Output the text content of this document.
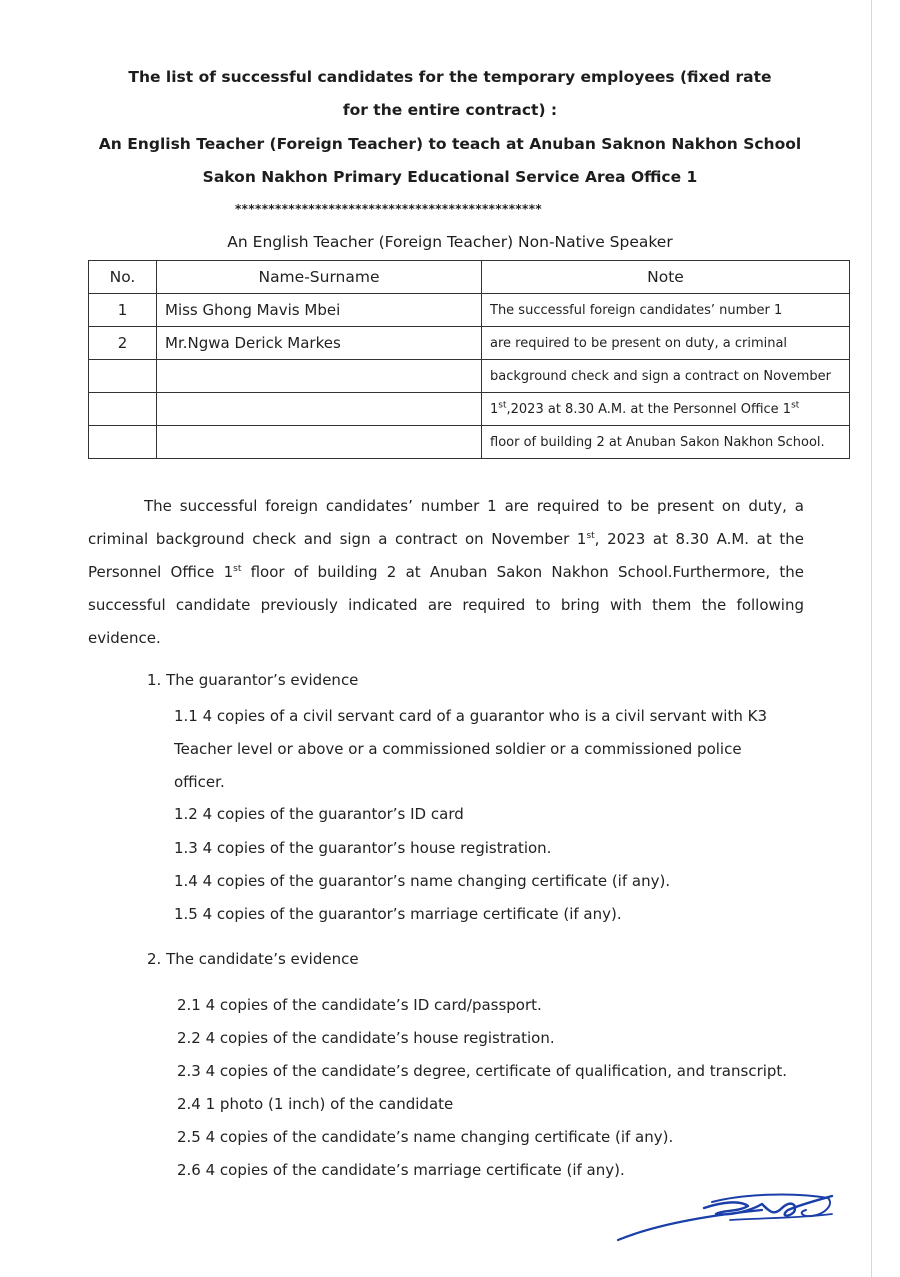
The list of successful candidates for the temporary employees (fixed rate
for the entire contract) :
An English Teacher (Foreign Teacher) to teach at Anuban Saknon Nakhon School
Sakon Nakhon Primary Educational Service Area Office 1
**********************************************
An English Teacher (Foreign Teacher) Non-Native Speaker
No.	Name-Surname	Note
1	Miss Ghong Mavis Mbei	The successful foreign candidates’ number 1
2	Mr.Ngwa Derick Markes	are required to be present on duty, a criminal
		background check and sign a contract on November
		1st,2023 at 8.30 A.M. at the Personnel Office 1st
		floor of building 2 at Anuban Sakon Nakhon School.
The successful foreign candidates’ number 1 are required to be present on duty, a criminal background check and sign a contract on November 1st, 2023 at 8.30 A.M. at the Personnel Office 1st floor of building 2 at Anuban Sakon Nakhon School.Furthermore, the successful candidate previously indicated are required to bring with them the following evidence.
1. The guarantor’s evidence
1.1 4 copies of a civil servant card of a guarantor who is a civil servant with K3
Teacher level or above or a commissioned soldier or a commissioned police
officer.
1.2 4 copies of the guarantor’s ID card
1.3 4 copies of the guarantor’s house registration.
1.4 4 copies of the guarantor’s name changing certificate (if any).
1.5 4 copies of the guarantor’s marriage certificate (if any).
2. The candidate’s evidence
2.1 4 copies of the candidate’s ID card/passport.
2.2 4 copies of the candidate’s house registration.
2.3 4 copies of the candidate’s degree, certificate of qualification, and transcript.
2.4 1 photo (1 inch) of the candidate
2.5 4 copies of the candidate’s name changing certificate (if any).
2.6 4 copies of the candidate’s marriage certificate (if any).
